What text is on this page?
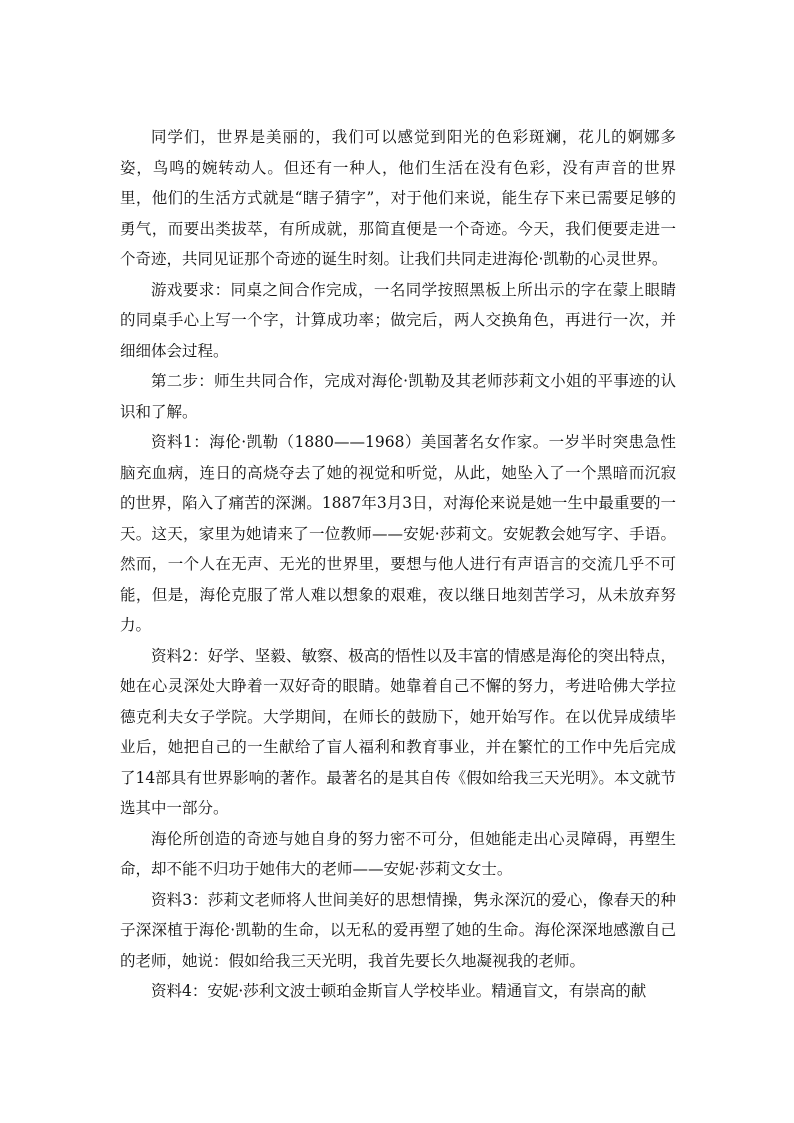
同学们，世界是美丽的，我们可以感觉到阳光的色彩斑斓，花儿的婀娜多姿，鸟鸣的婉转动人。但还有一种人，他们生活在没有色彩，没有声音的世界里，他们的生活方式就是“瞎子猜字”，对于他们来说，能生存下来已需要足够的勇气，而要出类拔萃，有所成就，那简直便是一个奇迹。今天，我们便要走进一个奇迹，共同见证那个奇迹的诞生时刻。让我们共同走进海伦·凯勒的心灵世界。

游戏要求：同桌之间合作完成，一名同学按照黑板上所出示的字在蒙上眼睛的同桌手心上写一个字，计算成功率；做完后，两人交换角色，再进行一次，并细细体会过程。

第二步：师生共同合作，完成对海伦·凯勒及其老师莎莉文小姐的平事迹的认识和了解。

资料1：海伦·凯勒（1880——1968）美国著名女作家。一岁半时突患急性脑充血病，连日的高烧夺去了她的视觉和听觉，从此，她坠入了一个黑暗而沉寂的世界，陷入了痛苦的深渊。1887年3月3日，对海伦来说是她一生中最重要的一天。这天，家里为她请来了一位教师——安妮·莎莉文。安妮教会她写字、手语。然而，一个人在无声、无光的世界里，要想与他人进行有声语言的交流几乎不可能，但是，海伦克服了常人难以想象的艰难，夜以继日地刻苦学习，从未放弃努力。

资料2：好学、坚毅、敏察、极高的悟性以及丰富的情感是海伦的突出特点，她在心灵深处大睁着一双好奇的眼睛。她靠着自己不懈的努力，考进哈佛大学拉德克利夫女子学院。大学期间，在师长的鼓励下，她开始写作。在以优异成绩毕业后，她把自己的一生献给了盲人福利和教育事业，并在繁忙的工作中先后完成了14部具有世界影响的著作。最著名的是其自传《假如给我三天光明》。本文就节选其中一部分。

海伦所创造的奇迹与她自身的努力密不可分，但她能走出心灵障碍，再塑生命，却不能不归功于她伟大的老师——安妮·莎莉文女士。

资料3：莎莉文老师将人世间美好的思想情操，隽永深沉的爱心，像春天的种子深深植于海伦·凯勒的生命，以无私的爱再塑了她的生命。海伦深深地感激自己的老师，她说：假如给我三天光明，我首先要长久地凝视我的老师。

资料4：安妮·莎利文波士顿珀金斯盲人学校毕业。精通盲文，有崇高的献
